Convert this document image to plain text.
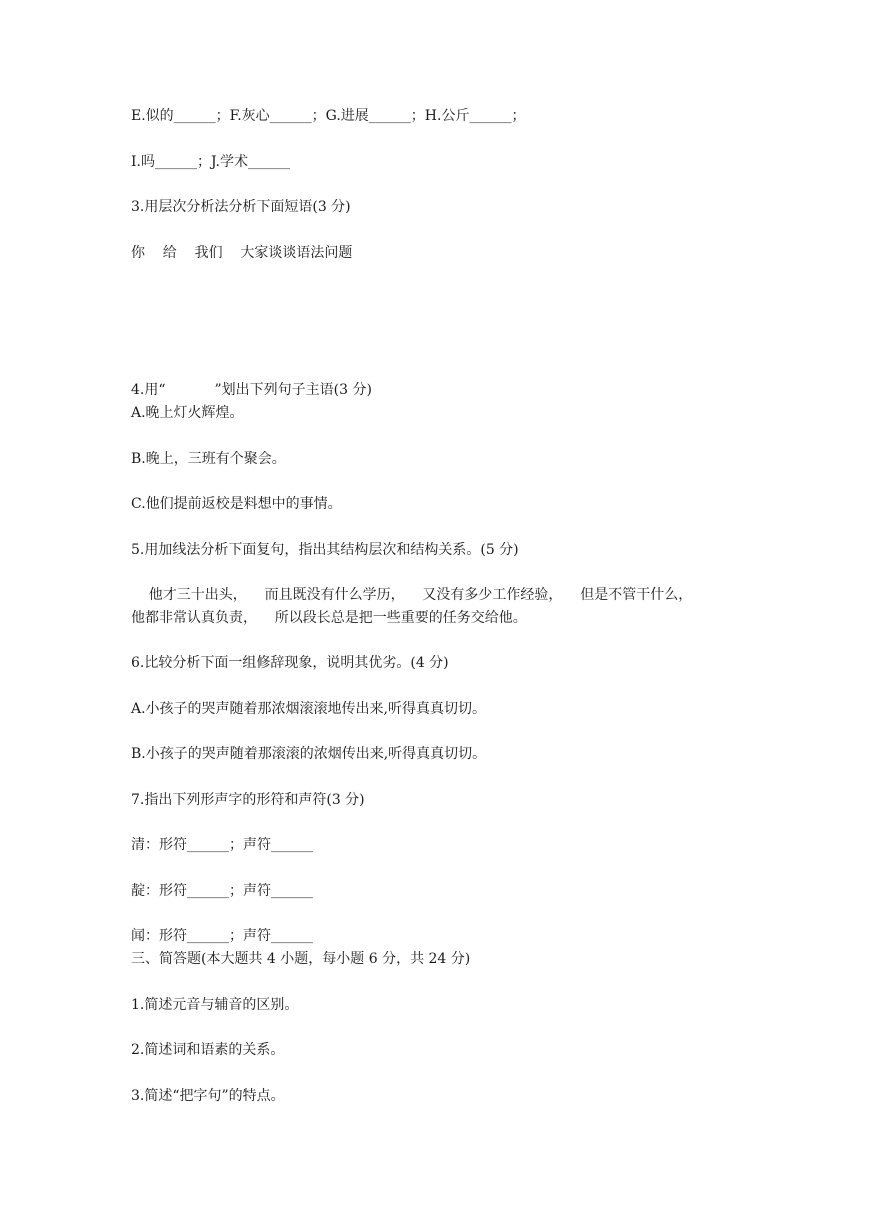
E.似的______；F.灰心______；G.进展______；H.公斤______；
I.吗______；J.学术______
3.用层次分析法分析下面短语(3 分)
你    给    我们    大家谈谈语法问题
4.用“           ”划出下列句子主语(3 分)
A.晚上灯火辉煌。
B.晚上，三班有个聚会。
C.他们提前返校是料想中的事情。
5.用加线法分析下面复句，指出其结构层次和结构关系。(5 分)
他才三十出头，    而且既没有什么学历，    又没有多少工作经验，    但是不管干什么，
他都非常认真负责，    所以段长总是把一些重要的任务交给他。
6.比较分析下面一组修辞现象，说明其优劣。(4 分)
A.小孩子的哭声随着那浓烟滚滚地传出来,听得真真切切。
B.小孩子的哭声随着那滚滚的浓烟传出来,听得真真切切。
7.指出下列形声字的形符和声符(3 分)
清：形符______；声符______
靛：形符______；声符______
闻：形符______；声符______
三、简答题(本大题共 4 小题，每小题 6 分，共 24 分)
1.简述元音与辅音的区别。
2.简述词和语素的关系。
3.简述“把字句”的特点。
